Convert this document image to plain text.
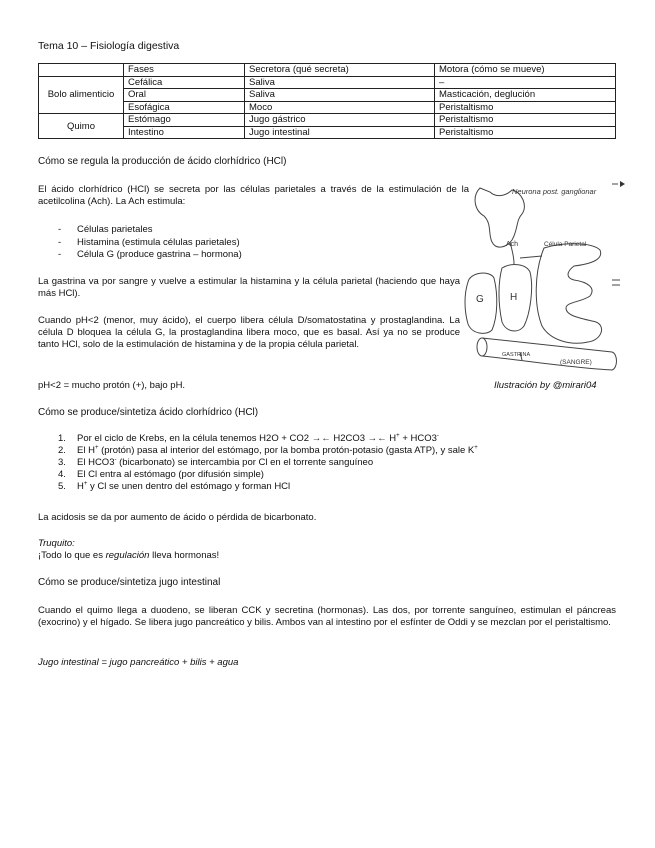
Tema 10 – Fisiología digestiva
	Fases	Secretora (qué secreta)	Motora (cómo se mueve)
Bolo alimenticio	Cefálica	Saliva	–
	Oral	Saliva	Masticación, deglución
	Esofágica	Moco	Peristaltismo
Quimo	Estómago	Jugo gástrico	Peristaltismo
	Intestino	Jugo intestinal	Peristaltismo
Cómo se regula la producción de ácido clorhídrico (HCl)

El ácido clorhídrico (HCl) se secreta por las células parietales a través de la estimulación de la acetilcolina (Ach). La Ach estimula:

- Células parietales
- Histamina (estimula células parietales)
- Célula G (produce gastrina – hormona)

La gastrina va por sangre y vuelve a estimular la histamina y la célula parietal (haciendo que haya más HCl).

Cuando pH<2 (menor, muy ácido), el cuerpo libera célula D/somatostatina y prostaglandina. La célula D bloquea la célula G, la prostaglandina libera moco, que es basal. Así ya no se produce tanto HCl, solo de la estimulación de histamina y de la propia célula parietal.

pH<2 = mucho protón (+), bajo pH.	Ilustración by @mirari04
Neurona post. ganglionar
Ach	Célula Parietal
G	H
GASTRINA
(SANGRE)
Cómo se produce/sintetiza ácido clorhídrico (HCl)
1. Por el ciclo de Krebs, en la célula tenemos H2O + CO2 →← H2CO3 →← H+ + HCO3-
2. El H+ (protón) pasa al interior del estómago, por la bomba protón-potasio (gasta ATP), y sale K+
3. El HCO3- (bicarbonato) se intercambia por Cl en el torrente sanguíneo
4. El Cl entra al estómago (por difusión simple)
5. H+ y Cl se unen dentro del estómago y forman HCl
La acidosis se da por aumento de ácido o pérdida de bicarbonato.
Truquito:
¡Todo lo que es regulación lleva hormonas!
Cómo se produce/sintetiza jugo intestinal

Cuando el quimo llega a duodeno, se liberan CCK y secretina (hormonas). Las dos, por torrente sanguíneo, estimulan el páncreas (exocrino) y el hígado. Se libera jugo pancreático y bilis. Ambos van al intestino por el esfínter de Oddi y se mezclan por el peristaltismo.

Jugo intestinal = jugo pancreático + bilis + agua
